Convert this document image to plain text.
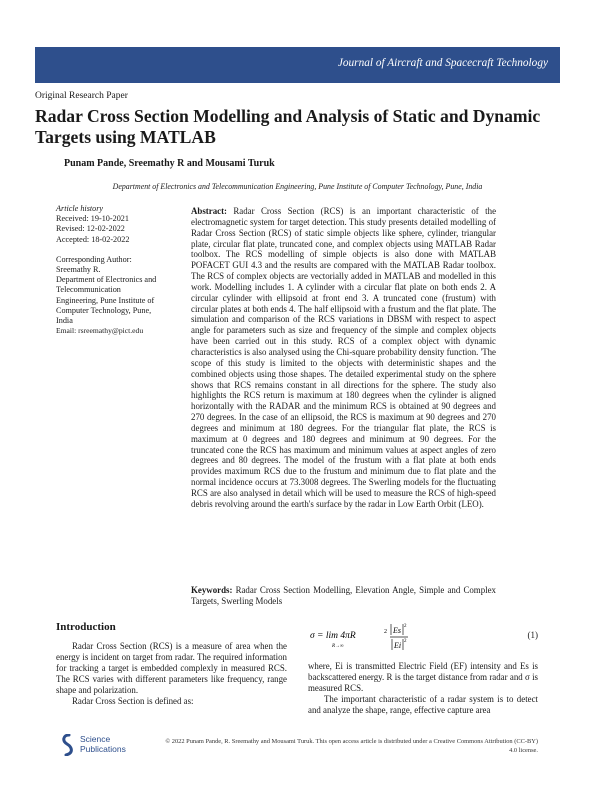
Journal of Aircraft and Spacecraft Technology
Original Research Paper
Radar Cross Section Modelling and Analysis of Static and Dynamic Targets using MATLAB
Punam Pande, Sreemathy R and Mousami Turuk
Department of Electronics and Telecommunication Engineering, Pune Institute of Computer Technology, Pune, India
Article history
Received: 19-10-2021
Revised: 12-02-2022
Accepted: 18-02-2022
Corresponding Author:
Sreemathy R.
Department of Electronics and
Telecommunication
Engineering, Pune Institute of
Computer Technology, Pune,
India
Email: rsreemathy@pict.edu

Abstract: Radar Cross Section (RCS) is an important characteristic of the electromagnetic system for target detection. This study presents detailed modelling of Radar Cross Section (RCS) of static simple objects like sphere, cylinder, triangular plate, circular flat plate, truncated cone, and complex objects using MATLAB Radar toolbox. The RCS modelling of simple objects is also done with MATLAB POFACET GUI 4.3 and the results are compared with the MATLAB Radar toolbox. The RCS of complex objects are vectorially added in MATLAB and modelled in this work. Modelling includes 1. A cylinder with a circular flat plate on both ends 2. A circular cylinder with ellipsoid at front end 3. A truncated cone (frustum) with circular plates at both ends 4. The half ellipsoid with a frustum and the flat plate. The simulation and comparison of the RCS variations in DBSM with respect to aspect angle for parameters such as size and frequency of the simple and complex objects have been carried out in this study. RCS of a complex object with dynamic characteristics is also analysed using the Chi-square probability density function. 'The scope of this study is limited to the objects with deterministic shapes and the combined objects using those shapes. The detailed experimental study on the sphere shows that RCS remains constant in all directions for the sphere. The study also highlights the RCS return is maximum at 180 degrees when the cylinder is aligned horizontally with the RADAR and the minimum RCS is obtained at 90 degrees and 270 degrees. In the case of an ellipsoid, the RCS is maximum at 90 degrees and 270 degrees and minimum at 180 degrees. For the triangular flat plate, the RCS is maximum at 0 degrees and 180 degrees and minimum at 90 degrees. For the truncated cone the RCS has maximum and minimum values at aspect angles of zero degrees and 80 degrees. The model of the frustum with a flat plate at both ends provides maximum RCS due to the frustum and minimum due to flat plate and the normal incidence occurs at 73.3008 degrees. The Swerling models for the fluctuating RCS are also analysed in detail which will be used to measure the RCS of high-speed debris revolving around the earth's surface by the radar in Low Earth Orbit (LEO).

Keywords: Radar Cross Section Modelling, Elevation Angle, Simple and Complex Targets, Swerling Models

Introduction

Radar Cross Section (RCS) is a measure of area when the energy is incident on target from radar. The required information for tracking a target is embedded complexly in measured RCS. The RCS varies with different parameters like frequency, range shape and polarization.

Radar Cross Section is defined as:

σ = lim 4πR
R→∞
2 Es 2
Ei 2
(1)

where, Ei is transmitted Electric Field (EF) intensity and Es is backscattered energy. R is the target distance from radar and σ is measured RCS.

The important characteristic of a radar system is to detect and analyze the shape, range, effective capture area

Science
Publications
© 2022 Punam Pande, R. Sreemathy and Mousami Turuk. This open access article is distributed under a Creative Commons Attribution (CC-BY) 4.0 license.
